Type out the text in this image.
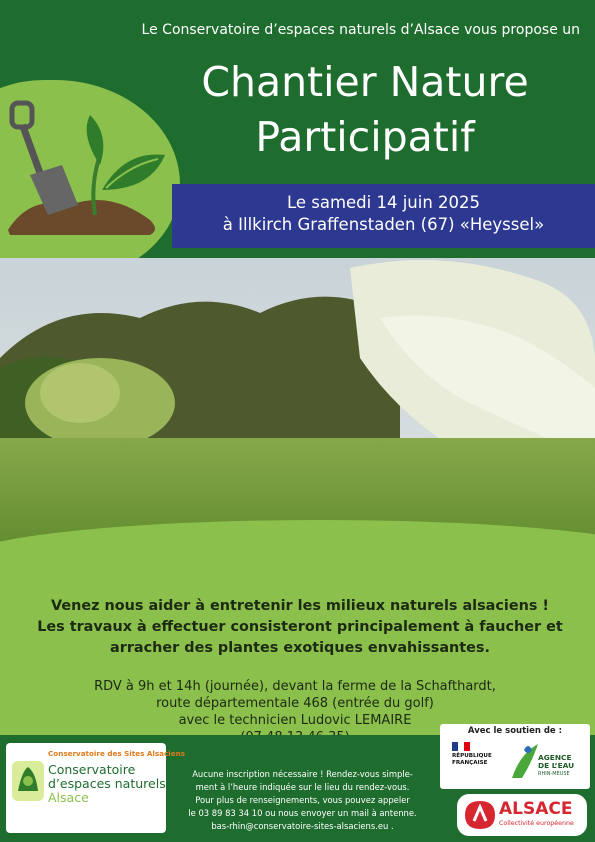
Le Conservatoire d’espaces naturels d’Alsace vous propose un
Chantier Nature
Participatif
Le samedi 14 juin 2025
à Illkirch Graffenstaden (67) «Heyssel»
Venez nous aider à entretenir les milieux naturels alsaciens !
Les travaux à effectuer consisteront principalement à faucher et
arracher des plantes exotiques envahissantes.
RDV à 9h et 14h (journée), devant la ferme de la Schafthardt,
route départementale 468 (entrée du golf)
avec le technicien Ludovic LEMAIRE
Conservatoire des Sites Alsaciens
Conservatoire
d’espaces naturels
Alsace
Aucune inscription nécessaire ! Rendez-vous simple-
ment à l’heure indiquée sur le lieu du rendez-vous.
Pour plus de renseignements, vous pouvez appeler
le 03 89 83 34 10 ou nous envoyer un mail à antenne.
bas-rhin@conservatoire-sites-alsaciens.eu .
Avec le soutien de :
RÉPUBLIQUE
FRANÇAISE
AGENCE
DE L’EAU
RHIN-MEUSE
ALSACE
Collectivité européenne
